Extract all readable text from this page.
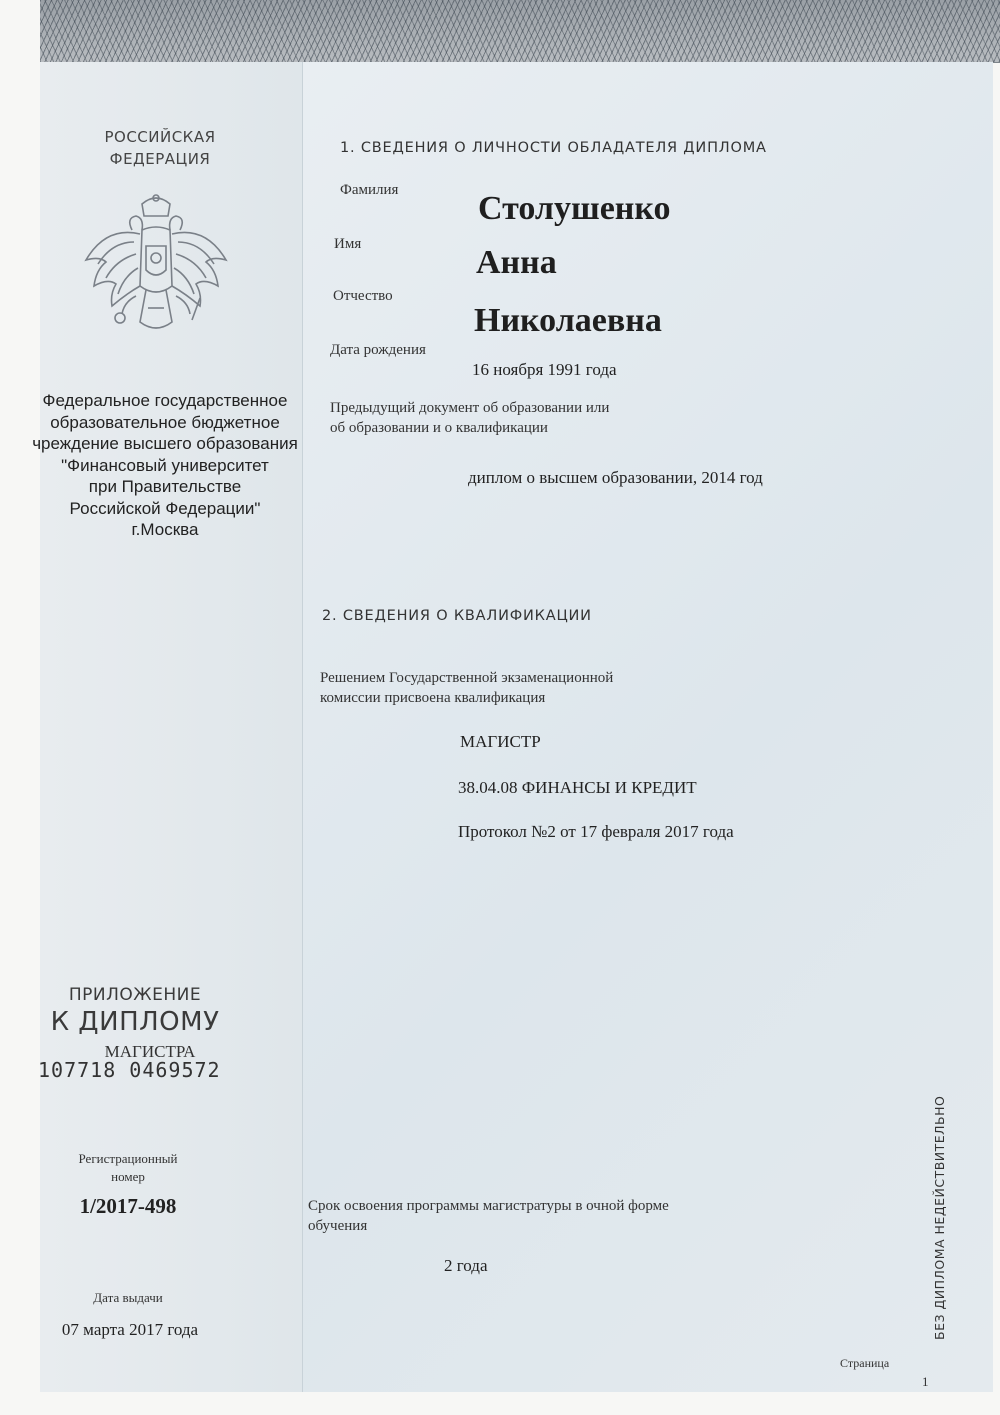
РОССИЙСКАЯ
ФЕДЕРАЦИЯ
Федеральное государственное
образовательное бюджетное
чреждение высшего образования
"Финансовый университет
при Правительстве
Российской Федерации"
г.Москва
ПРИЛОЖЕНИЕ
К ДИПЛОМУ
МАГИСТРА
107718 0469572
Регистрационный
номер
1/2017-498
Дата выдачи
07 марта 2017 года
1. СВЕДЕНИЯ О ЛИЧНОСТИ ОБЛАДАТЕЛЯ ДИПЛОМА
Фамилия Столушенко
Имя	Анна
Отчество
Николаевна
Дата рождения
16 ноября 1991 года
Предыдущий документ об образовании или
об образовании и о квалификации
диплом о высшем образовании, 2014 год
2. СВЕДЕНИЯ О КВАЛИФИКАЦИИ
Решением Государственной экзаменационной
комиссии присвоена квалификация
МАГИСТР
38.04.08 ФИНАНСЫ И КРЕДИТ
Протокол №2 от 17 февраля 2017 года
Срок освоения программы магистратуры в очной форме
обучения
2 года	БЕЗ ДИПЛОМА НЕДЕЙСТВИТЕЛЬНО
Страница
1
